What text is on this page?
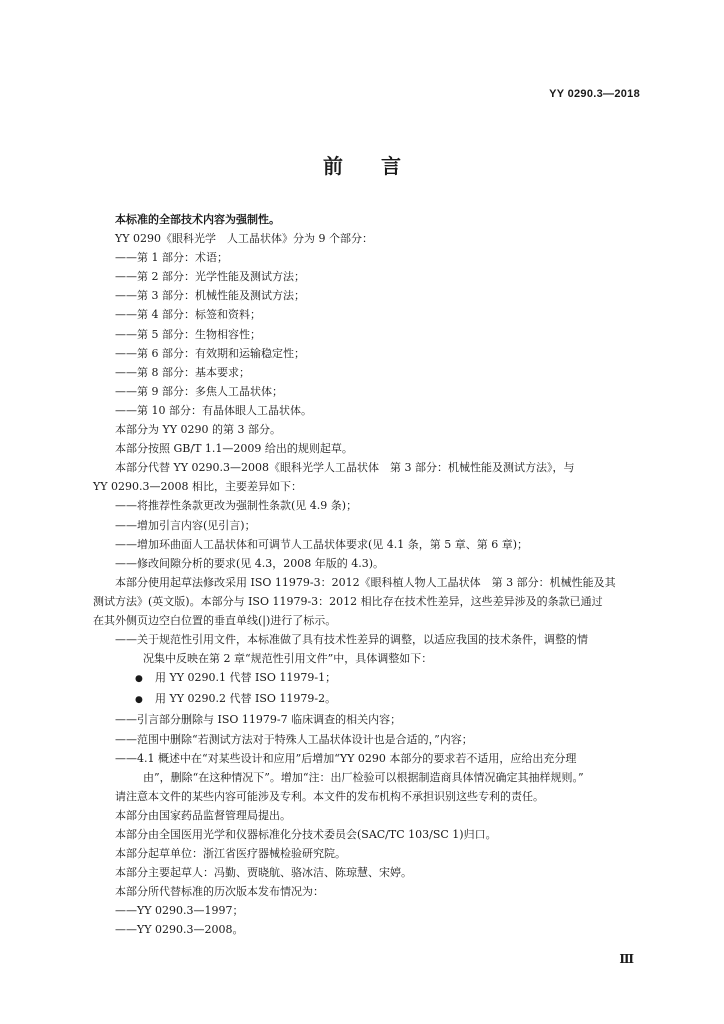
YY 0290.3—2018
前言
本标准的全部技术内容为强制性。
YY 0290《眼科光学　人工晶状体》分为 9 个部分：
——第 1 部分：术语；
——第 2 部分：光学性能及测试方法；
——第 3 部分：机械性能及测试方法；
——第 4 部分：标签和资料；
——第 5 部分：生物相容性；
——第 6 部分：有效期和运输稳定性；
——第 8 部分：基本要求；
——第 9 部分：多焦人工晶状体；
——第 10 部分：有晶体眼人工晶状体。
本部分为 YY 0290 的第 3 部分。
本部分按照 GB/T 1.1—2009 给出的规则起草。
本部分代替 YY 0290.3—2008《眼科光学人工晶状体　第 3 部分：机械性能及测试方法》，与
YY 0290.3—2008 相比，主要差异如下：
——将推荐性条款更改为强制性条款(见 4.9 条)；
——增加引言内容(见引言)；
——增加环曲面人工晶状体和可调节人工晶状体要求(见 4.1 条，第 5 章、第 6 章)；
——修改间隙分析的要求(见 4.3，2008 年版的 4.3)。
本部分使用起草法修改采用 ISO 11979-3：2012《眼科植人物人工晶状体　第 3 部分：机械性能及其
测试方法》(英文版)。本部分与 ISO 11979-3：2012 相比存在技术性差异，这些差异涉及的条款已通过
在其外侧页边空白位置的垂直单线(|)进行了标示。
——关于规范性引用文件，本标准做了具有技术性差异的调整，以适应我国的技术条件，调整的情
况集中反映在第 2 章“规范性引用文件”中，具体调整如下：
● 用 YY 0290.1 代替 ISO 11979-1；
● 用 YY 0290.2 代替 ISO 11979-2。
——引言部分删除与 ISO 11979-7 临床调查的相关内容；
——范围中删除“若测试方法对于特殊人工晶状体设计也是合适的，”内容；
——4.1 概述中在“对某些设计和应用”后增加“YY 0290 本部分的要求若不适用，应给出充分理
由”，删除“在这种情况下”。增加“注：出厂检验可以根据制造商具体情况确定其抽样规则。”
请注意本文件的某些内容可能涉及专利。本文件的发布机构不承担识别这些专利的责任。
本部分由国家药品监督管理局提出。
本部分由全国医用光学和仪器标准化分技术委员会(SAC/TC 103/SC 1)归口。
本部分起草单位：浙江省医疗器械检验研究院。
本部分主要起草人：冯勤、贾晓航、骆冰洁、陈琼慧、宋婷。
本部分所代替标准的历次版本发布情况为：
——YY 0290.3—1997；
——YY 0290.3—2008。
Ⅲ
